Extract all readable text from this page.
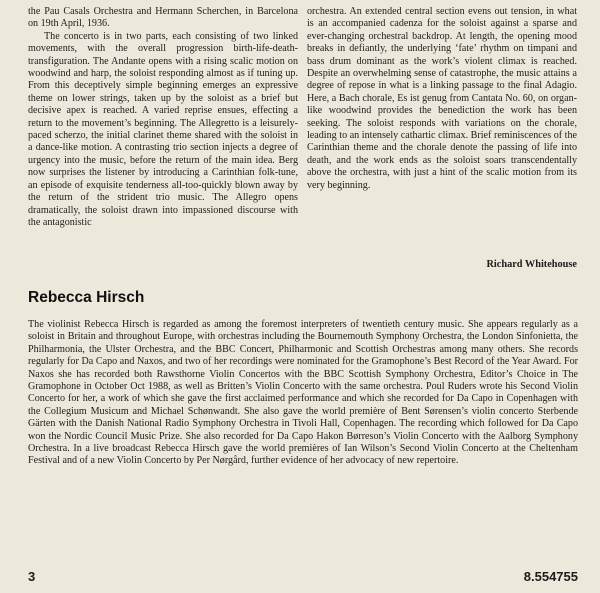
the Pau Casals Orchestra and Hermann Scherchen, in Barcelona on 19th April, 1936.

The concerto is in two parts, each consisting of two linked movements, with the overall progression birth-life-death-transfiguration. The Andante opens with a rising scalic motion on woodwind and harp, the soloist responding almost as if tuning up. From this deceptively simple beginning emerges an expressive theme on lower strings, taken up by the soloist as a brief but decisive apex is reached. A varied reprise ensues, effecting a return to the movement’s beginning. The Allegretto is a leisurely-paced scherzo, the initial clarinet theme shared with the soloist in a dance-like motion. A contrasting trio section injects a degree of urgency into the music, before the return of the main idea. Berg now surprises the listener by introducing a Carinthian folk-tune, an episode of exquisite tenderness all-too-quickly blown away by the return of the strident trio music. The Allegro opens dramatically, the soloist drawn into impassioned discourse with the antagonistic

orchestra. An extended central section evens out tension, in what is an accompanied cadenza for the soloist against a sparse and ever-changing orchestral backdrop. At length, the opening mood breaks in defiantly, the underlying ‘fate’ rhythm on timpani and bass drum dominant as the work’s violent climax is reached. Despite an overwhelming sense of catastrophe, the music attains a degree of repose in what is a linking passage to the final Adagio. Here, a Bach chorale, Es ist genug from Cantata No. 60, on organ-like woodwind provides the benediction the work has been seeking. The soloist responds with variations on the chorale, leading to an intensely cathartic climax. Brief reminiscences of the Carinthian theme and the chorale denote the passing of life into death, and the work ends as the soloist soars transcendentally above the orchestra, with just a hint of the scalic motion from its very beginning.

Richard Whitehouse
Rebecca Hirsch

The violinist Rebecca Hirsch is regarded as among the foremost interpreters of twentieth century music. She appears regularly as a soloist in Britain and throughout Europe, with orchestras including the Bournemouth Symphony Orchestra, the London Sinfonietta, the Philharmonia, the Ulster Orchestra, and the BBC Concert, Philharmonic and Scottish Orchestras among many others. She records regularly for Da Capo and Naxos, and two of her recordings were nominated for the Gramophone’s Best Record of the Year Award. For Naxos she has recorded both Rawsthorne Violin Concertos with the BBC Scottish Symphony Orchestra, Editor’s Choice in The Gramophone in October Oct 1988, as well as Britten’s Violin Concerto with the same orchestra. Poul Ruders wrote his Second Violin Concerto for her, a work of which she gave the first acclaimed performance and which she recorded for Da Capo in Copenhagen with the Collegium Musicum and Michael Schønwandt. She also gave the world première of Bent Sørensen’s violin concerto Sterbende Gärten with the Danish National Radio Symphony Orchestra in Tivoli Hall, Copenhagen. The recording which followed for Da Capo won the Nordic Council Music Prize. She also recorded for Da Capo Hakon Børreson’s Violin Concerto with the Aalborg Symphony Orchestra. In a live broadcast Rebecca Hirsch gave the world premières of Ian Wilson’s Second Violin Concerto at the Cheltenham Festival and of a new Violin Concerto by Per Nørgård, further evidence of her advocacy of new repertoire.

3	8.554755
